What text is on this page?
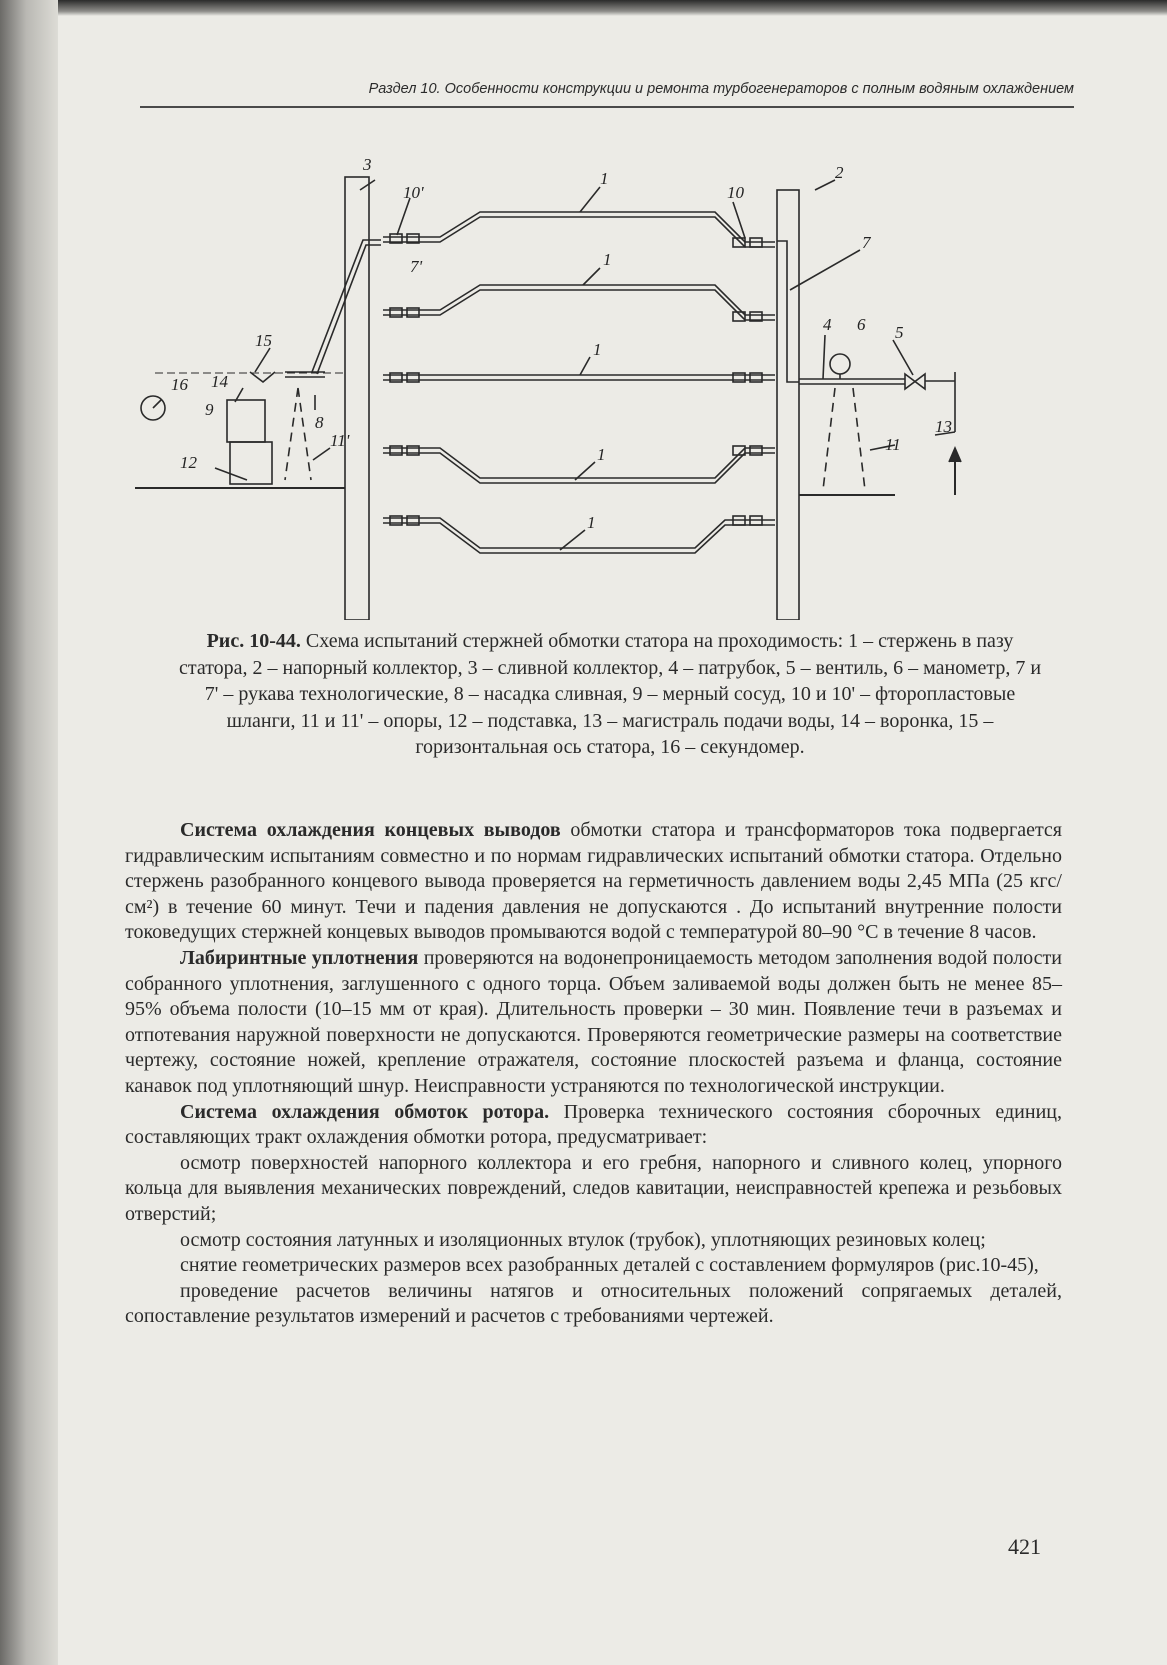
Раздел 10. Особенности конструкции и ремонта турбогенераторов с полным водяным охлаждением
3
10'
1
1
1
1
1
10
2
7
7'
4 6 5
13
11
15
14
16
9
12
8
11'
Рис. 10-44. Схема испытаний стержней обмотки статора на проходимость: 1 – стержень в пазу статора, 2 – напорный коллектор, 3 – сливной коллектор, 4 – патрубок, 5 – вентиль, 6 – манометр, 7 и 7' – рукава технологические, 8 – насадка сливная, 9 – мерный сосуд, 10 и 10' – фторопластовые шланги, 11 и 11' – опоры, 12 – подставка, 13 – магистраль подачи воды, 14 – воронка, 15 – горизонтальная ось статора, 16 – секундомер.

Система охлаждения концевых выводов обмотки статора и трансформаторов тока подвергается гидравлическим испытаниям совместно и по нормам гидравлических испытаний обмотки статора. Отдельно стержень разобранного концевого вывода проверяется на герметичность давлением воды 2,45 МПа (25 кгс/см²) в течение 60 минут. Течи и падения давления не допускаются . До испытаний внутренние полости токоведущих стержней концевых выводов промываются водой с температурой 80–90 °С в течение 8 часов.

Лабиринтные уплотнения проверяются на водонепроницаемость методом заполнения водой полости собранного уплотнения, заглушенного с одного торца. Объем заливаемой воды должен быть не менее 85–95% объема полости (10–15 мм от края). Длительность проверки – 30 мин. Появление течи в разъемах и отпотевания наружной поверхности не допускаются. Проверяются геометрические размеры на соответствие чертежу, состояние ножей, крепление отражателя, состояние плоскостей разъема и фланца, состояние канавок под уплотняющий шнур. Неисправности устраняются по технологической инструкции.

Система охлаждения обмоток ротора. Проверка технического состояния сборочных единиц, составляющих тракт охлаждения обмотки ротора, предусматривает:

осмотр поверхностей напорного коллектора и его гребня, напорного и сливного колец, упорного кольца для выявления механических повреждений, следов кавитации, неисправностей крепежа и резьбовых отверстий;

осмотр состояния латунных и изоляционных втулок (трубок), уплотняющих резиновых колец;

снятие геометрических размеров всех разобранных деталей с составлением формуляров (рис.10-45),

проведение расчетов величины натягов и относительных положений сопрягаемых деталей, сопоставление результатов измерений и расчетов с требованиями чертежей.

421
